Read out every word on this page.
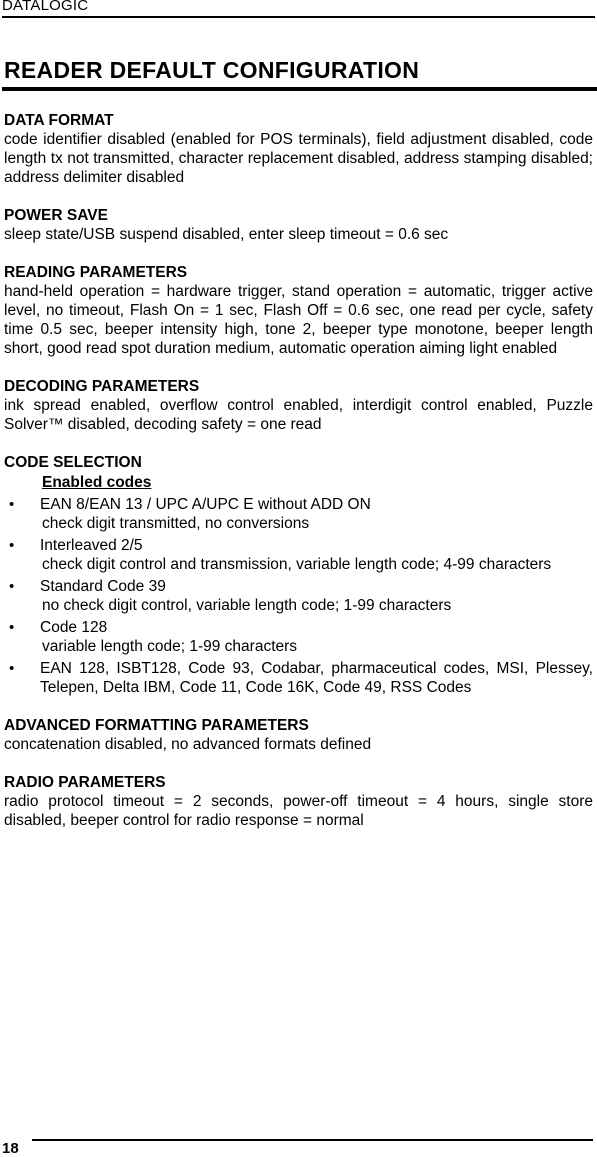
DATALOGIC
READER DEFAULT CONFIGURATION
DATA FORMAT
code identifier disabled (enabled for POS terminals), field adjustment disabled, code length tx not transmitted, character replacement disabled, address stamping disabled; address delimiter disabled
POWER SAVE
sleep state/USB suspend disabled, enter sleep timeout = 0.6 sec
READING PARAMETERS
hand-held operation = hardware trigger, stand operation = automatic, trigger active level, no timeout, Flash On = 1 sec, Flash Off = 0.6 sec, one read per cycle, safety time 0.5 sec, beeper intensity high, tone 2, beeper type monotone, beeper length short, good read spot duration medium, automatic operation aiming light enabled
DECODING PARAMETERS
ink spread enabled, overflow control enabled, interdigit control enabled, Puzzle Solver™ disabled, decoding safety = one read
CODE SELECTION
Enabled codes
• EAN 8/EAN 13 / UPC A/UPC E without ADD ON
check digit transmitted, no conversions
• Interleaved 2/5
check digit control and transmission, variable length code; 4-99 characters
• Standard Code 39
no check digit control, variable length code; 1-99 characters
• Code 128
variable length code; 1-99 characters
• EAN 128, ISBT128, Code 93, Codabar, pharmaceutical codes, MSI, Plessey, Telepen, Delta IBM, Code 11, Code 16K, Code 49, RSS Codes
ADVANCED FORMATTING PARAMETERS
concatenation disabled, no advanced formats defined
RADIO PARAMETERS
radio protocol timeout = 2 seconds, power-off timeout = 4 hours, single store disabled, beeper control for radio response = normal
18
